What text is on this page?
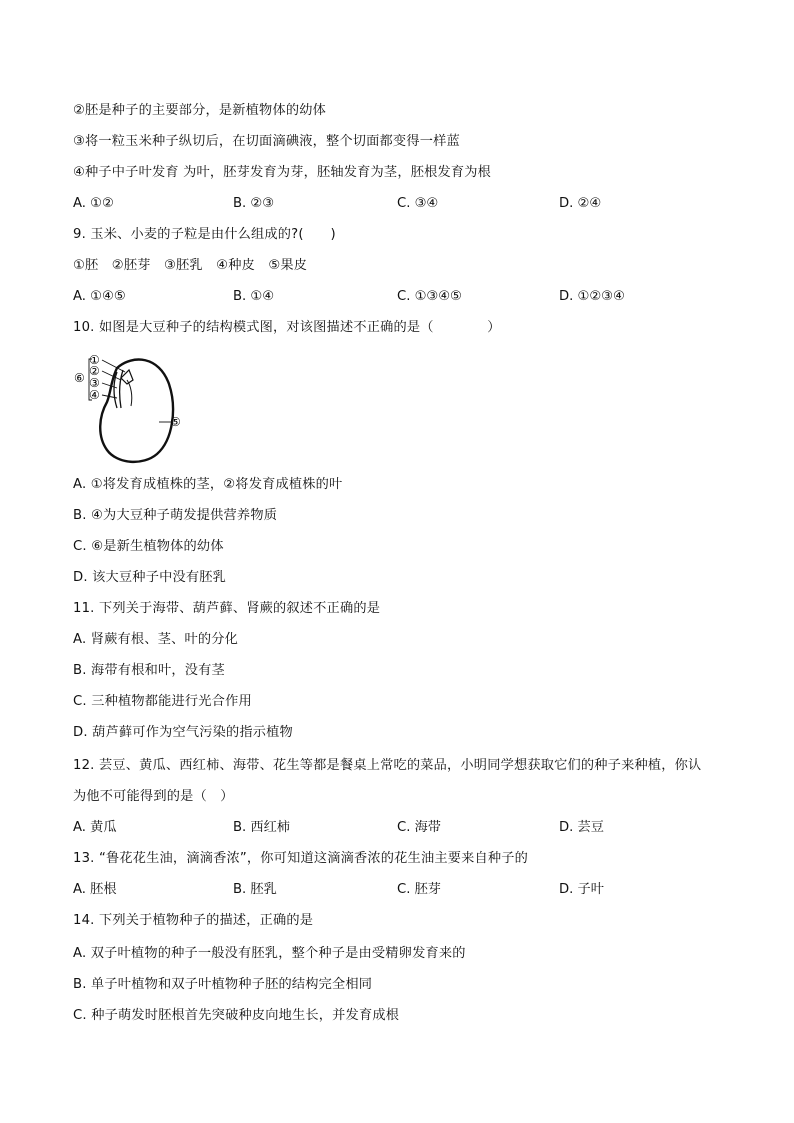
②胚是种子的主要部分，是新植物体的幼体
③将一粒玉米种子纵切后，在切面滴碘液，整个切面都变得一样蓝
④种子中子叶发育 为叶，胚芽发育为芽，胚轴发育为茎，胚根发育为根
A. ①②	B. ②③	C. ③④	D. ②④
9. 玉米、小麦的子粒是由什么组成的?(　　)
①胚　②胚芽　③胚乳　④种皮　⑤果皮
A. ①④⑤	B. ①④	C. ①③④⑤	D. ①②③④
10. 如图是大豆种子的结构模式图，对该图描述不正确的是（　　　　）
①
②
③
④
⑤
⑥
A. ①将发育成植株的茎，②将发育成植株的叶
B. ④为大豆种子萌发提供营养物质
C. ⑥是新生植物体的幼体
D. 该大豆种子中没有胚乳
11. 下列关于海带、葫芦藓、肾蕨的叙述不正确的是
A. 肾蕨有根、茎、叶的分化
B. 海带有根和叶，没有茎
C. 三种植物都能进行光合作用
D. 葫芦藓可作为空气污染的指示植物
12. 芸豆、黄瓜、西红柿、海带、花生等都是餐桌上常吃的菜品，小明同学想获取它们的种子来种植，你认
为他不可能得到的是（　）
A. 黄瓜	B. 西红柿	C. 海带	D. 芸豆
13. “鲁花花生油，滴滴香浓”，你可知道这滴滴香浓的花生油主要来自种子的
A. 胚根	B. 胚乳	C. 胚芽	D. 子叶
14. 下列关于植物种子的描述，正确的是
A. 双子叶植物的种子一般没有胚乳，整个种子是由受精卵发育来的
B. 单子叶植物和双子叶植物种子胚的结构完全相同
C. 种子萌发时胚根首先突破种皮向地生长，并发育成根
